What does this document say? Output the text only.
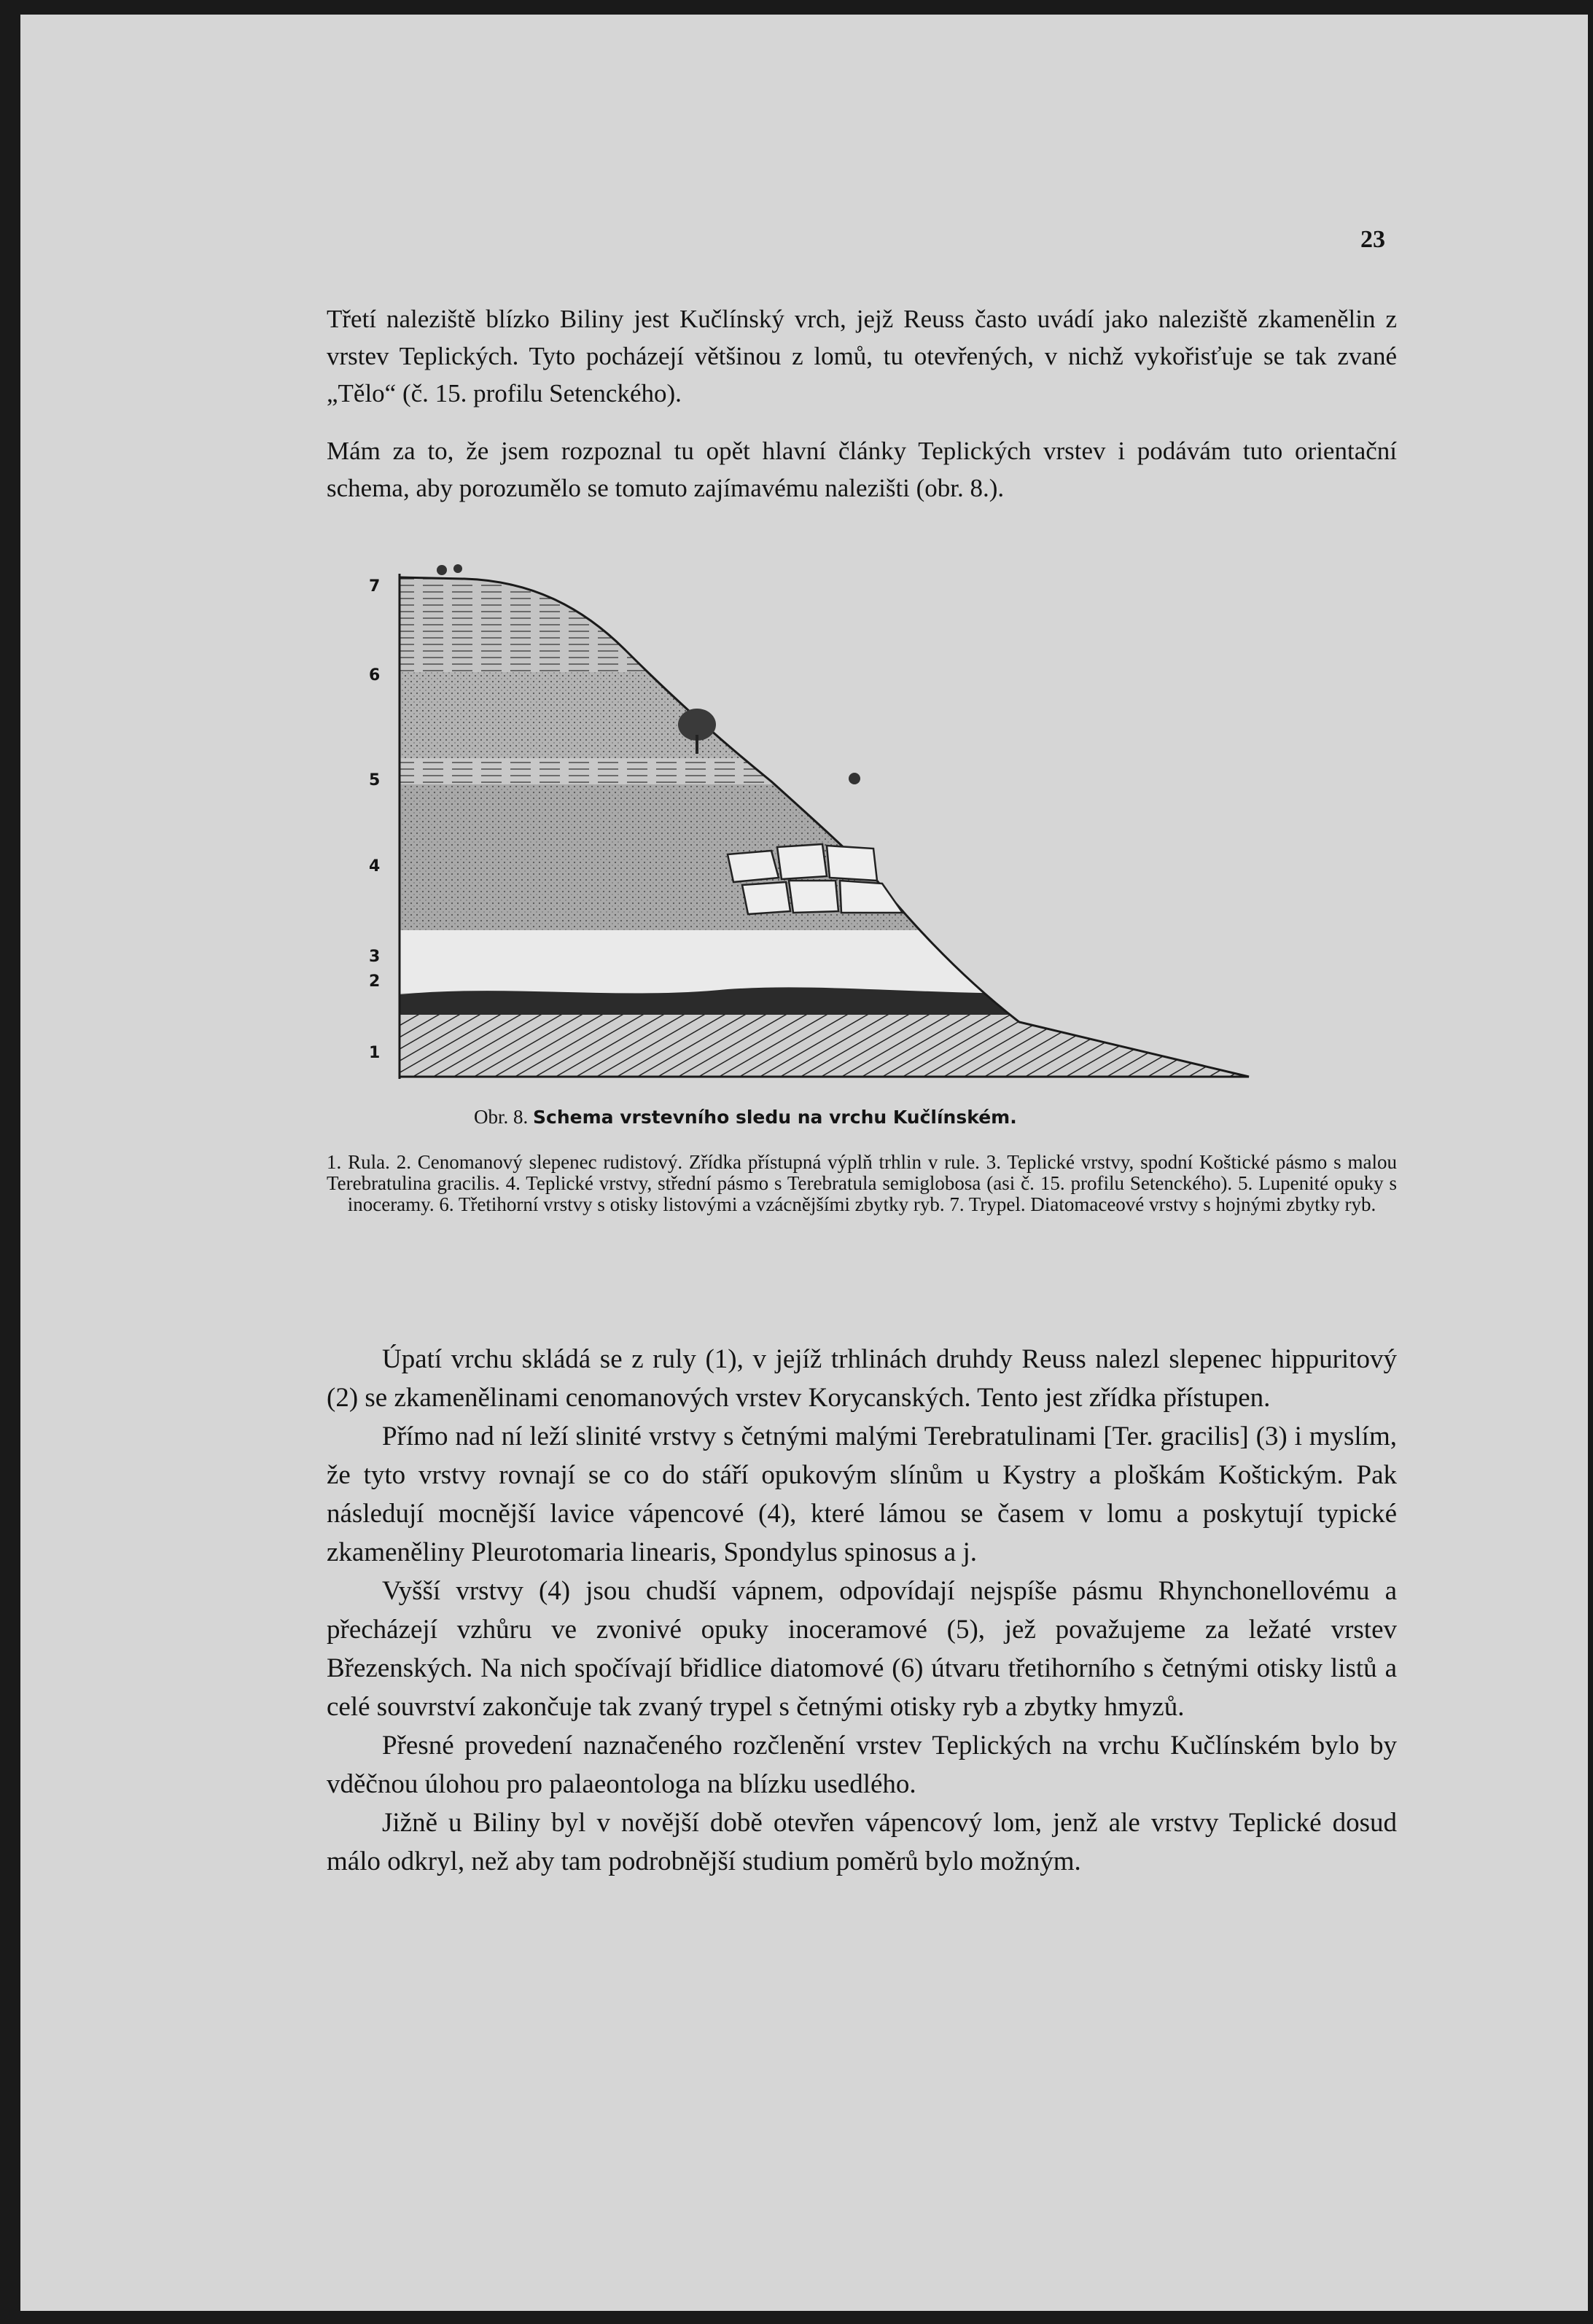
23

Třetí naleziště blízko Biliny jest Kučlínský vrch, jejž Reuss často uvádí jako naleziště zkamenělin z vrstev Teplických. Tyto pocházejí většinou z lomů, tu otevřených, v nichž vykořisťuje se tak zvané „Tělo“ (č. 15. profilu Setenckého).

Mám za to, že jsem rozpoznal tu opět hlavní články Teplických vrstev i podávám tuto orientační schema, aby porozumělo se tomuto zajímavému nalezišti (obr. 8.).

7
6
5
4
3
2
1

Obr. 8. Schema vrstevního sledu na vrchu Kučlínském.

1. Rula. 2. Cenomanový slepenec rudistový. Zřídka přístupná výplň trhlin v rule. 3. Teplické vrstvy, spodní Koštické pásmo s malou Terebratulina gracilis. 4. Teplické vrstvy, střední pásmo s Terebratula semiglobosa (asi č. 15. profilu Setenckého). 5. Lupenité opuky s inoceramy. 6. Třetihorní vrstvy s otisky listovými a vzácnějšími zbytky ryb. 7. Trypel. Diatomaceové vrstvy s hojnými zbytky ryb.

Úpatí vrchu skládá se z ruly (1), v jejíž trhlinách druhdy Reuss nalezl slepenec hippuritový (2) se zkamenělinami cenomanových vrstev Korycanských. Tento jest zřídka přístupen.

Přímo nad ní leží slinité vrstvy s četnými malými Terebratulinami [Ter. gracilis] (3) i myslím, že tyto vrstvy rovnají se co do stáří opukovým slínům u Kystry a ploškám Koštickým. Pak následují mocnější lavice vápencové (4), které lámou se časem v lomu a poskytují typické zkameněliny Pleurotomaria linearis, Spondylus spinosus a j.

Vyšší vrstvy (4) jsou chudší vápnem, odpovídají nejspíše pásmu Rhynchonellovému a přecházejí vzhůru ve zvonivé opuky inoceramové (5), jež považujeme za ležaté vrstev Březenských. Na nich spočívají břidlice diatomové (6) útvaru třetihorního s četnými otisky listů a celé souvrství zakončuje tak zvaný trypel s četnými otisky ryb a zbytky hmyzů.

Přesné provedení naznačeného rozčlenění vrstev Teplických na vrchu Kučlínském bylo by vděčnou úlohou pro palaeontologa na blízku usedlého.

Jižně u Biliny byl v novější době otevřen vápencový lom, jenž ale vrstvy Teplické dosud málo odkryl, než aby tam podrobnější studium poměrů bylo možným.
